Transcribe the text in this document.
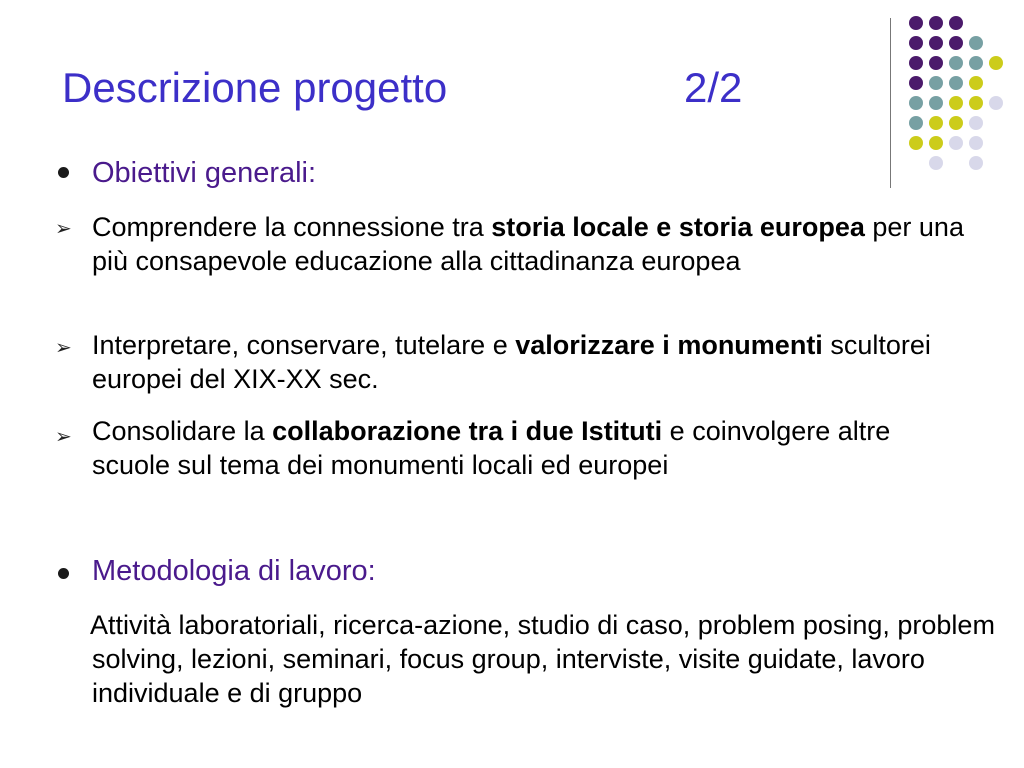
Descrizione progetto	2/2
Obiettivi generali:
➢ Comprendere la connessione tra storia locale e storia europea per una più consapevole educazione alla cittadinanza europea
➢ Interpretare, conservare, tutelare e valorizzare i monumenti scultorei europei del XIX-XX sec.
➢ Consolidare la collaborazione tra i due Istituti e coinvolgere altre scuole sul tema dei monumenti locali ed europei
Metodologia di lavoro:
Attività laboratoriali, ricerca-azione, studio di caso, problem posing, problem solving, lezioni, seminari, focus group, interviste, visite guidate, lavoro individuale e di gruppo
